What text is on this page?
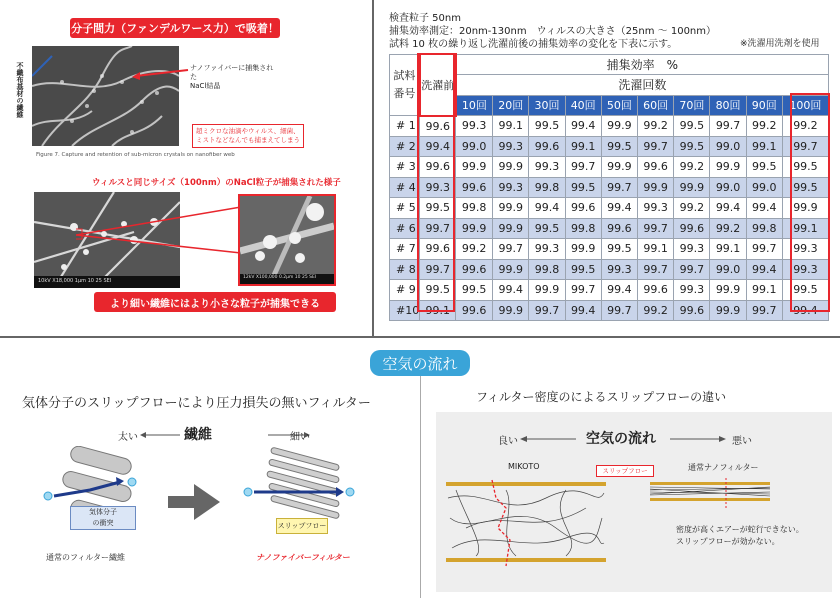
分子間力（ファンデルワース力）で吸着！
不織布基材の繊維	ナノファイバーに捕集された
NaCl結晶
超ミクロな油滴やウィルス、細菌、ミストなどなんでも捕まえてしまう
Figure 7. Capture and retention of sub-micron crystals on nanofiber web
ウィルスと同じサイズ（100nm）のNaCl粒子が捕集された様子
10kV X18,000 1μm 10 25 SEI
12kV X100,000 0.2μm 10 25 SEI
より細い繊維にはより小さな粒子が捕集できる
検査粒子 50nm
捕集効率測定：20nm-130nm　ウィルスの大きさ（25nm 〜 100nm）
試料 10 枚の繰り返し洗濯前後の捕集効率の変化を下表に示す。	※洗濯用洗剤を使用
試料
番号	洗濯前	捕集効率　%									
		洗濯回数									
		10回	20回	30回	40回	50回	60回	70回	80回	90回	100回
# 1	99.6	99.3	99.1	99.5	99.4	99.9	99.2	99.5	99.7	99.2	99.2
# 2	99.4	99.0	99.3	99.6	99.1	99.5	99.7	99.5	99.0	99.1	99.7
# 3	99.6	99.9	99.9	99.3	99.7	99.9	99.6	99.2	99.9	99.5	99.5
# 4	99.3	99.6	99.3	99.8	99.5	99.7	99.9	99.9	99.0	99.0	99.5
# 5	99.5	99.8	99.9	99.4	99.6	99.4	99.3	99.2	99.4	99.4	99.9
# 6	99.7	99.9	99.9	99.5	99.8	99.6	99.7	99.6	99.2	99.8	99.1
# 7	99.6	99.2	99.7	99.3	99.9	99.5	99.1	99.3	99.1	99.7	99.3
# 8	99.7	99.6	99.9	99.8	99.5	99.3	99.7	99.7	99.0	99.4	99.3
# 9	99.5	99.5	99.4	99.9	99.7	99.4	99.6	99.3	99.9	99.1	99.5
#10	99.1	99.6	99.9	99.7	99.4	99.7	99.2	99.6	99.9	99.7	99.4
空気の流れ
気体分子のスリップフローにより圧力損失の無いフィルター
太い	繊維	細い
気体分子
の衝突
通常のフィルター繊維
スリップフロー
ナノファイバーフィルター
フィルター密度のによるスリップフローの違い
良い	空気の流れ	悪い
MIKOTO	スリップフロー	通常ナノフィルター
密度が高くエアーが蛇行できない。
スリップフローが効かない。
